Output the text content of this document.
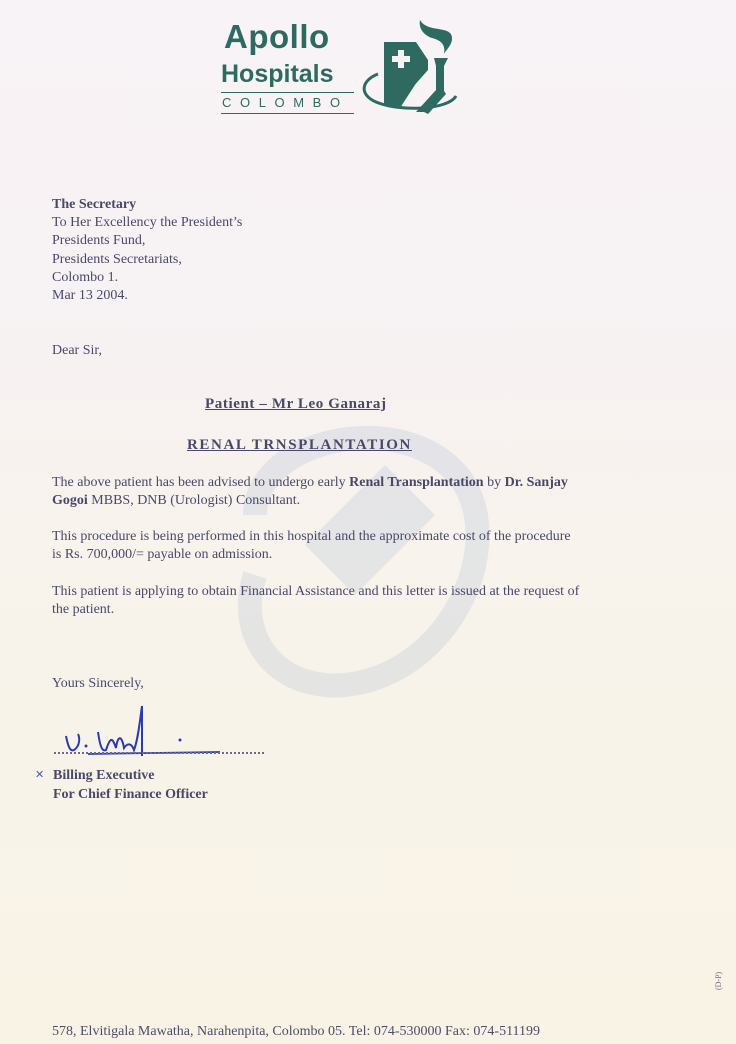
Apollo
Hospitals
COLOMBO
The Secretary
To Her Excellency the President’s
Presidents Fund,
Presidents Secretariats,
Colombo 1.
Mar 13 2004.
Dear Sir,
Patient – Mr Leo Ganaraj
RENAL TRNSPLANTATION
The above patient has been advised to undergo early Renal Transplantation by Dr. Sanjay Gogoi MBBS, DNB (Urologist) Consultant.
This procedure is being performed in this hospital and the approximate cost of the procedure is Rs. 700,000/= payable on admission.
This patient is applying to obtain Financial Assistance and this letter is issued at the request of the patient.
Yours Sincerely,
✕ Billing Executive
For Chief Finance Officer
578, Elvitigala Mawatha, Narahenpita, Colombo 05. Tel: 074-530000 Fax: 074-511199
(D-P)
